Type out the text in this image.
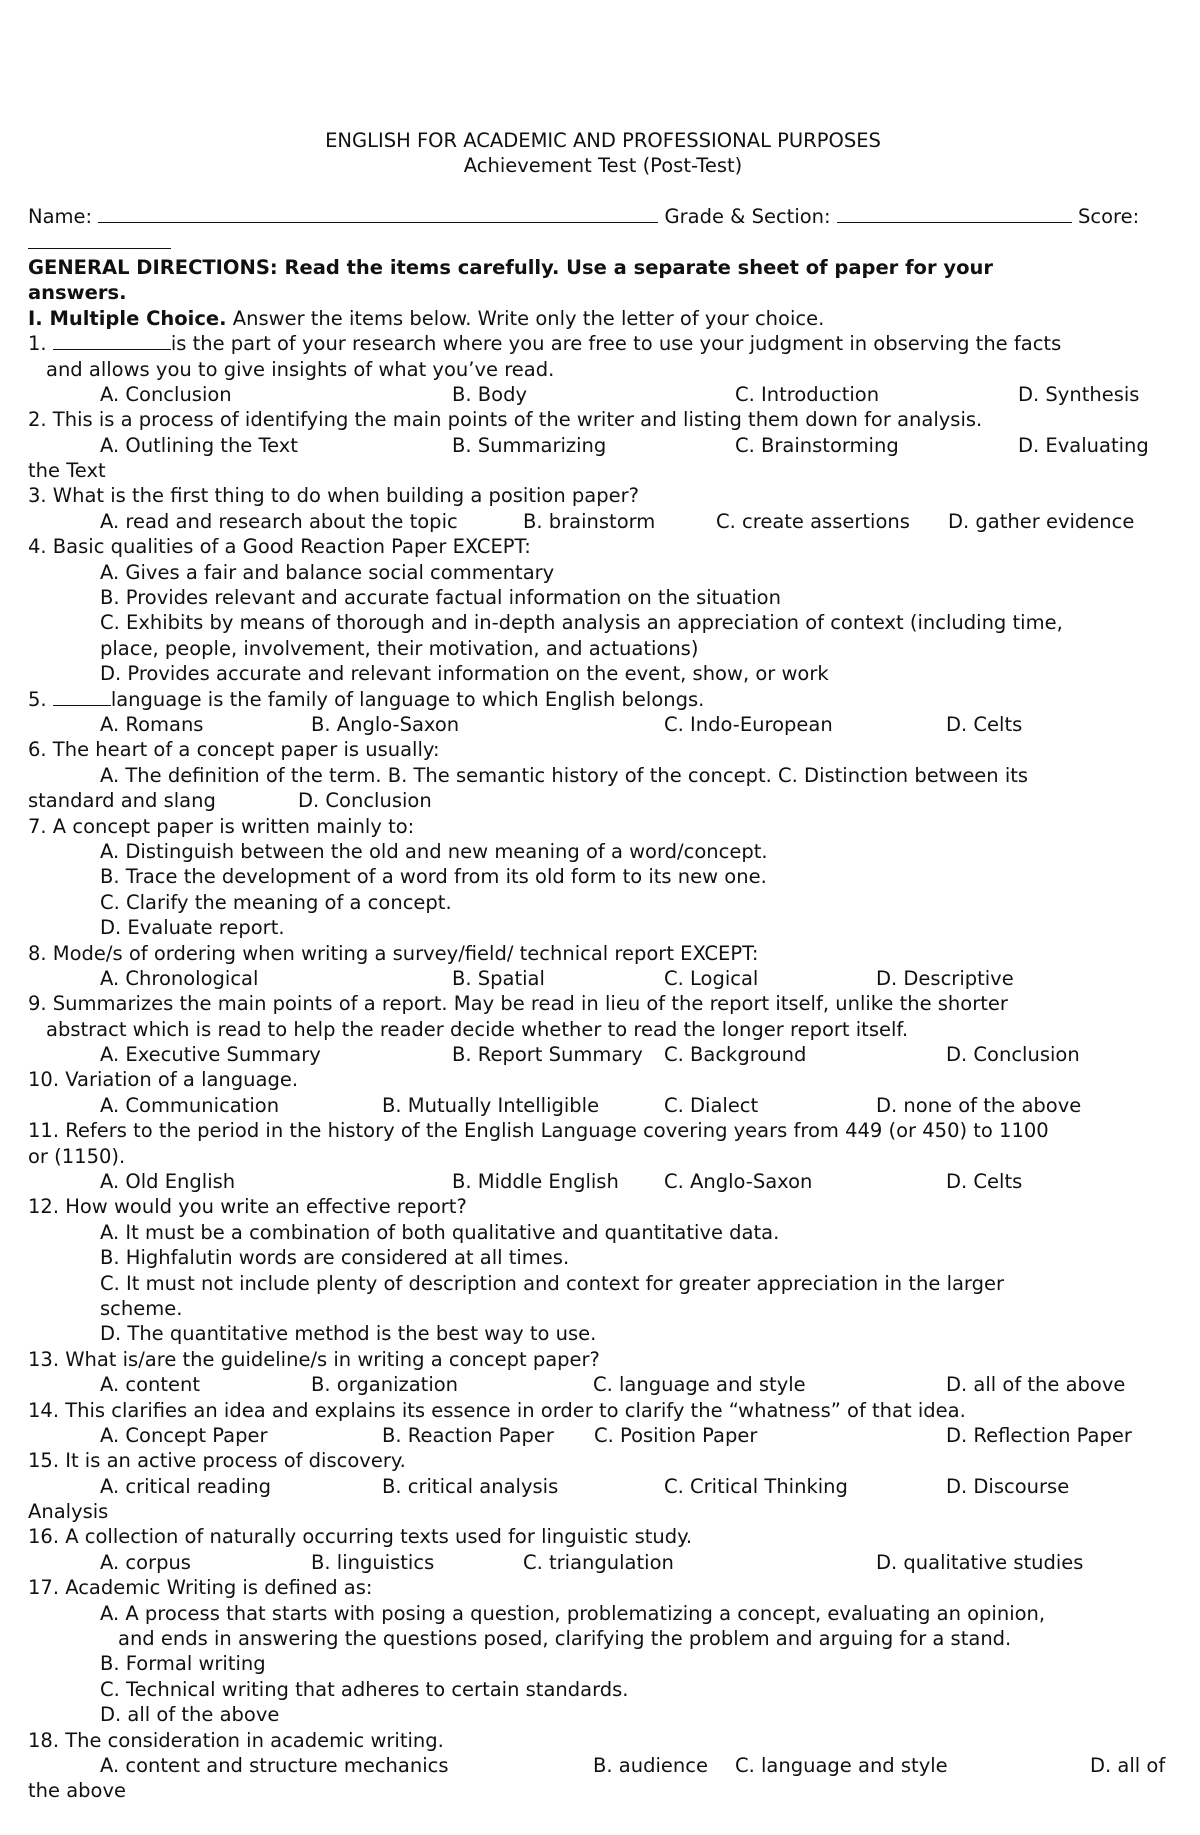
ENGLISH FOR ACADEMIC AND PROFESSIONAL PURPOSES
Achievement Test (Post-Test)
Name:	Grade & Section:	Score:
GENERAL DIRECTIONS: Read the items carefully. Use a separate sheet of paper for your
answers.
I. Multiple Choice. Answer the items below. Write only the letter of your choice.
1.	is the part of your research where you are free to use your judgment in observing the facts
and allows you to give insights of what you’ve read.
A. Conclusion	B. Body	C. Introduction	D. Synthesis
2. This is a process of identifying the main points of the writer and listing them down for analysis.
A. Outlining the Text	B. Summarizing	C. Brainstorming	D. Evaluating
the Text
3. What is the first thing to do when building a position paper?
A. read and research about the topic	B. brainstorm	C. create assertions D. gather evidence
4. Basic qualities of a Good Reaction Paper EXCEPT:
A. Gives a fair and balance social commentary
B. Provides relevant and accurate factual information on the situation
C. Exhibits by means of thorough and in-depth analysis an appreciation of context (including time,
place, people, involvement, their motivation, and actuations)
D. Provides accurate and relevant information on the event, show, or work
5.	language is the family of language to which English belongs.
A. Romans	B. Anglo-Saxon	C. Indo-European	D. Celts
6. The heart of a concept paper is usually:
A. The definition of the term. B. The semantic history of the concept. C. Distinction between its
standard and slang	D. Conclusion
7. A concept paper is written mainly to:
A. Distinguish between the old and new meaning of a word/concept.
B. Trace the development of a word from its old form to its new one.
C. Clarify the meaning of a concept.
D. Evaluate report.
8. Mode/s of ordering when writing a survey/field/ technical report EXCEPT:
A. Chronological	B. Spatial	C. Logical	D. Descriptive
9. Summarizes the main points of a report. May be read in lieu of the report itself, unlike the shorter
abstract which is read to help the reader decide whether to read the longer report itself.
A. Executive Summary	B. Report Summary C. Background	D. Conclusion
10. Variation of a language.
A. Communication	B. Mutually Intelligible	C. Dialect	D. none of the above
11. Refers to the period in the history of the English Language covering years from 449 (or 450) to 1100
or (1150).
A. Old English	B. Middle English C. Anglo-Saxon	D. Celts
12. How would you write an effective report?
A. It must be a combination of both qualitative and quantitative data.
B. Highfalutin words are considered at all times.
C. It must not include plenty of description and context for greater appreciation in the larger
scheme.
D. The quantitative method is the best way to use.
13. What is/are the guideline/s in writing a concept paper?
A. content	B. organization	C. language and style	D. all of the above
14. This clarifies an idea and explains its essence in order to clarify the “whatness” of that idea.
A. Concept Paper	B. Reaction Paper C. Position Paper	D. Reflection Paper
15. It is an active process of discovery.
A. critical reading	B. critical analysis	C. Critical Thinking	D. Discourse
Analysis
16. A collection of naturally occurring texts used for linguistic study.
A. corpus	B. linguistics	C. triangulation	D. qualitative studies
17. Academic Writing is defined as:
A. A process that starts with posing a question, problematizing a concept, evaluating an opinion,
and ends in answering the questions posed, clarifying the problem and arguing for a stand.
B. Formal writing
C. Technical writing that adheres to certain standards.
D. all of the above
18. The consideration in academic writing.
A. content and structure mechanics	B. audience C. language and style	D. all of
the above
